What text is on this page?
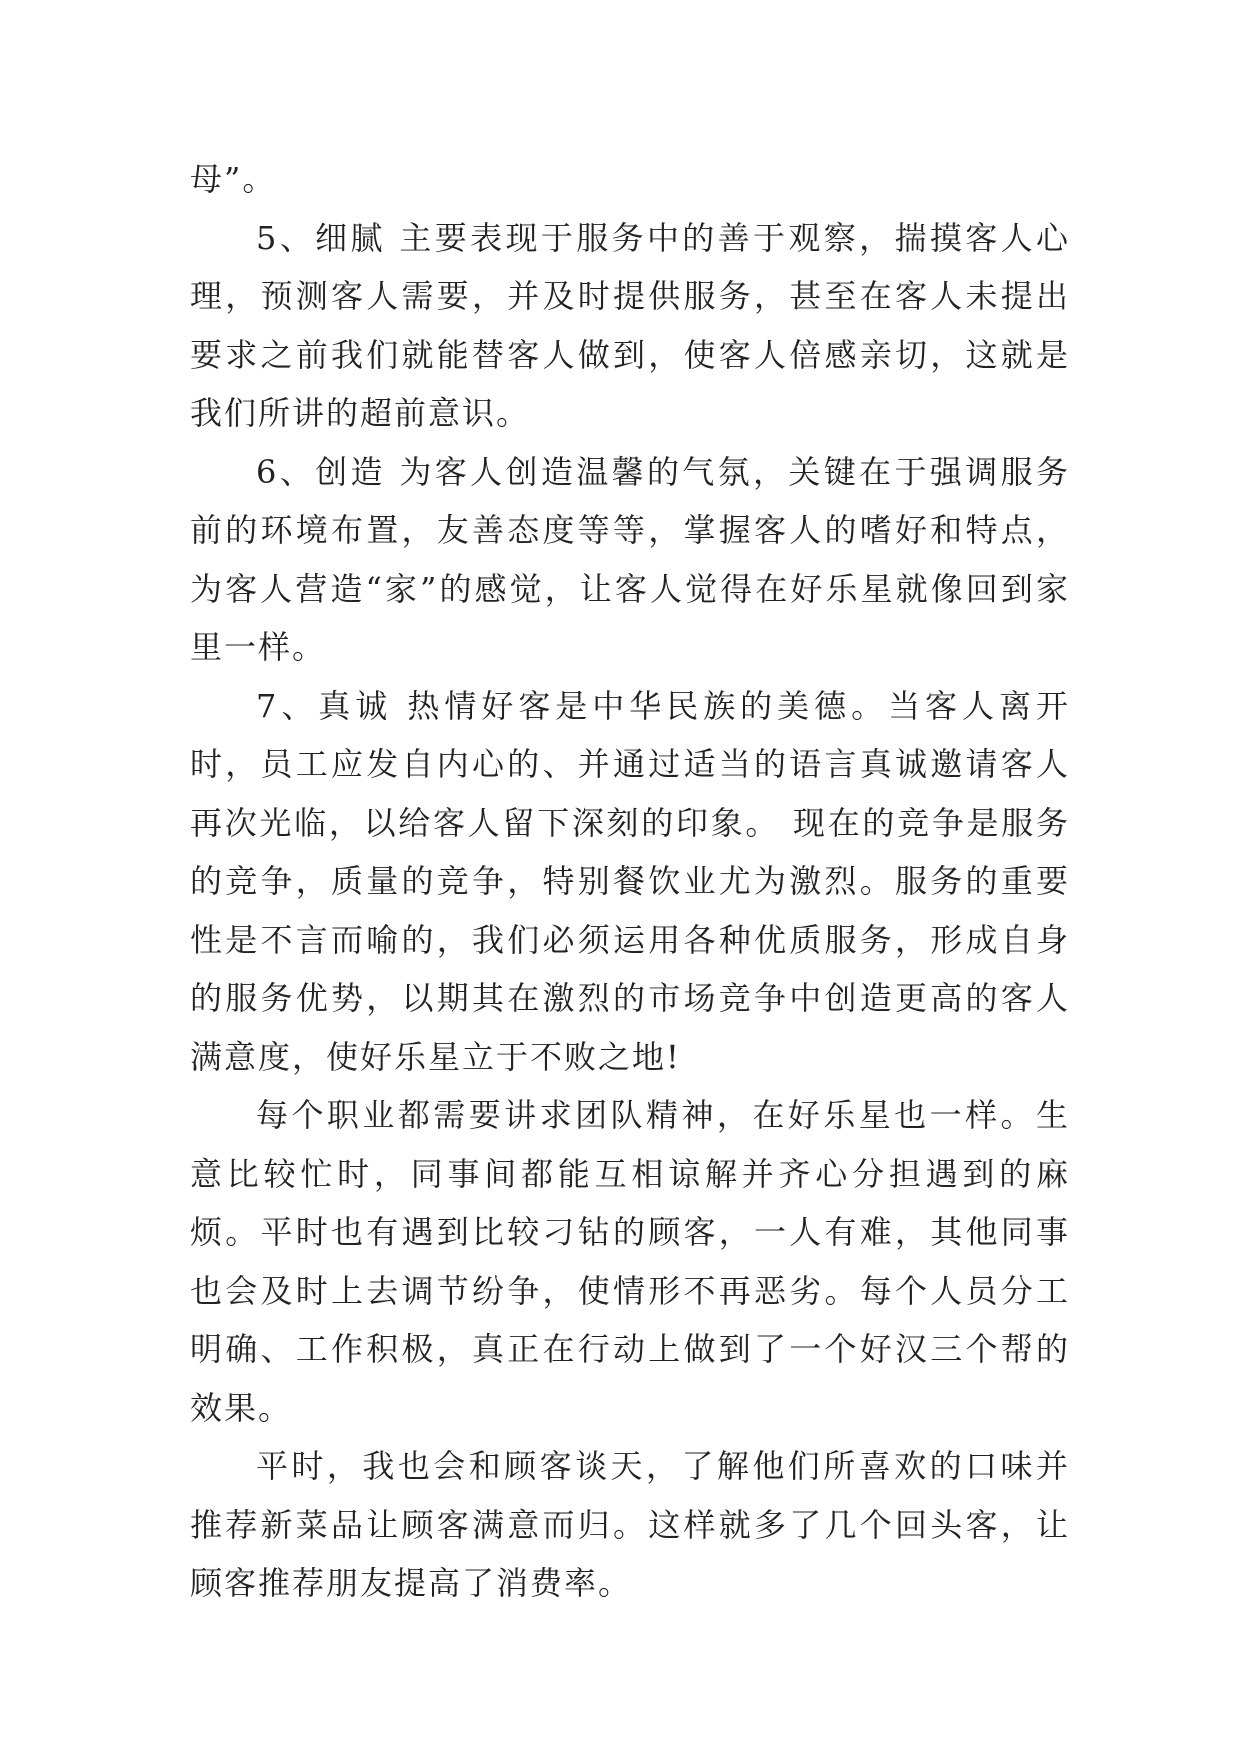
母”。

5、细腻 主要表现于服务中的善于观察，揣摸客人心理，预测客人需要，并及时提供服务，甚至在客人未提出要求之前我们就能替客人做到，使客人倍感亲切，这就是我们所讲的超前意识。

6、创造 为客人创造温馨的气氛，关键在于强调服务前的环境布置，友善态度等等，掌握客人的嗜好和特点，为客人营造“家”的感觉，让客人觉得在好乐星就像回到家里一样。

7、真诚 热情好客是中华民族的美德。当客人离开时，员工应发自内心的、并通过适当的语言真诚邀请客人再次光临，以给客人留下深刻的印象。 现在的竞争是服务的竞争，质量的竞争，特别餐饮业尤为激烈。服务的重要性是不言而喻的，我们必须运用各种优质服务，形成自身的服务优势，以期其在激烈的市场竞争中创造更高的客人满意度，使好乐星立于不败之地!

每个职业都需要讲求团队精神，在好乐星也一样。生意比较忙时，同事间都能互相谅解并齐心分担遇到的麻烦。平时也有遇到比较刁钻的顾客，一人有难，其他同事也会及时上去调节纷争，使情形不再恶劣。每个人员分工明确、工作积极，真正在行动上做到了一个好汉三个帮的效果。

平时，我也会和顾客谈天，了解他们所喜欢的口味并推荐新菜品让顾客满意而归。这样就多了几个回头客，让顾客推荐朋友提高了消费率。
